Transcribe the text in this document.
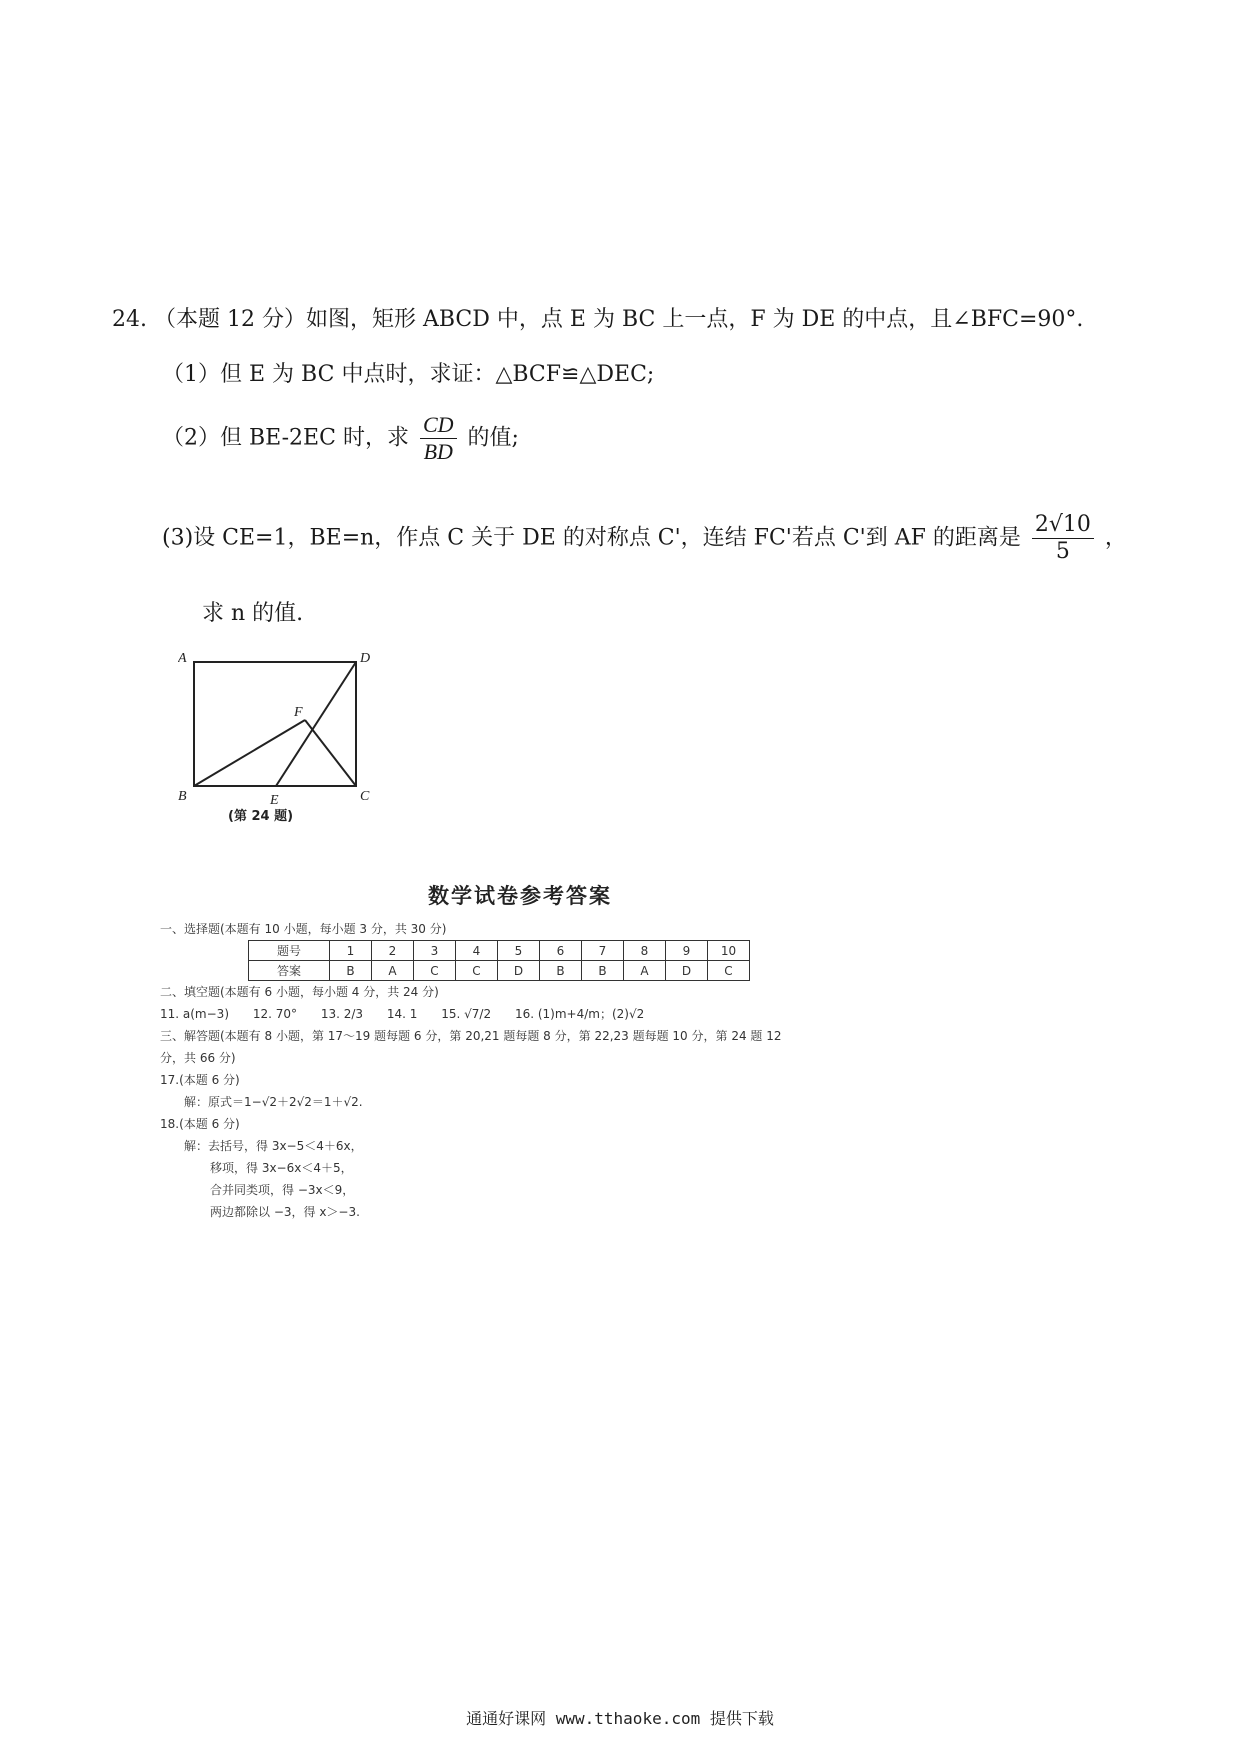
24. （本题 12 分）如图，矩形 ABCD 中，点 E 为 BC 上一点，F 为 DE 的中点，且∠BFC=90°.
（1）但 E 为 BC 中点时，求证：△BCF≌△DEC;
（2）但 BE-2EC 时，求 $\frac{CD}{BD}$ 的值;
(3)设 CE=1，BE=n，作点 C 关于 DE 的对称点 C'，连结 FC'若点 C'到 AF 的距离是 $\frac{2√10}{5}$ ，
求 n 的值.
A	D
F
B	E	C
(第 24 题)
数学试卷参考答案
一、选择题(本题有 10 小题，每小题 3 分，共 30 分)
题号	1	2	3	4	5	6	7	8	9	10
答案	B	A	C	C	D	B	B	A	D	C
二、填空题(本题有 6 小题，每小题 4 分，共 24 分)
11. a(m−3) 12. 70° 13. 2/3 14. 1 15. √7/2 16. (1)m+4/m；(2)√2
三、解答题(本题有 8 小题，第 17～19 题每题 6 分，第 20,21 题每题 8 分，第 22,23 题每题 10 分，第 24 题 12
分，共 66 分)
17.(本题 6 分)
解：原式＝1−√2＋2√2＝1＋√2.
18.(本题 6 分)
解：去括号，得 3x−5＜4＋6x，
移项，得 3x−6x＜4＋5，
合并同类项，得 −3x＜9，
两边都除以 −3，得 x＞−3.
通通好课网 www.tthaoke.com 提供下载
